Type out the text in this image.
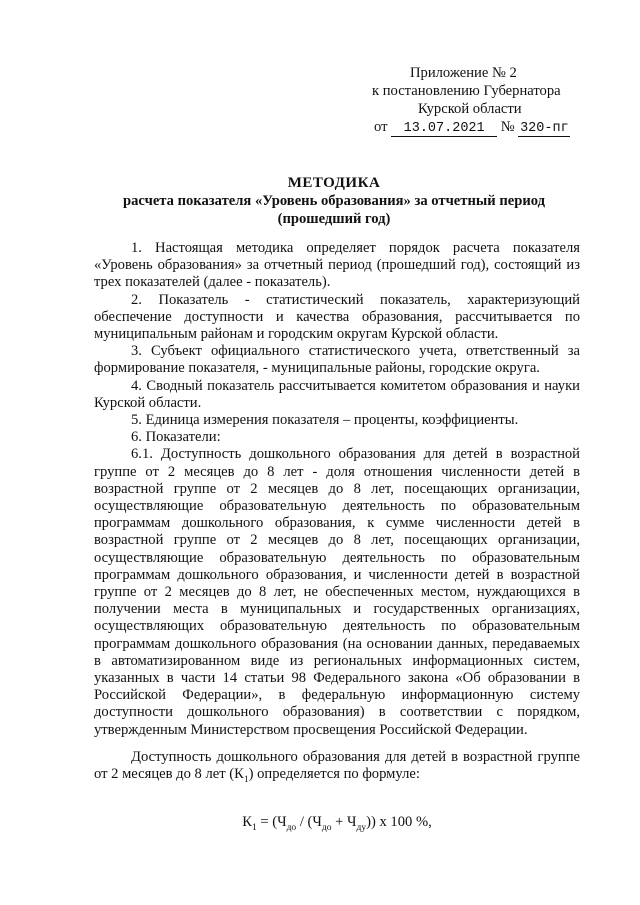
Приложение № 2
к постановлению Губернатора
Курской области
от 13.07.2021 № 320-пг
МЕТОДИКА
расчета показателя «Уровень образования» за отчетный период
(прошедший год)

1. Настоящая методика определяет порядок расчета показателя «Уровень образования» за отчетный период (прошедший год), состоящий из трех показателей (далее - показатель).

2. Показатель - статистический показатель, характеризующий обеспечение доступности и качества образования, рассчитывается по муниципальным районам и городским округам Курской области.

3. Субъект официального статистического учета, ответственный за формирование показателя, - муниципальные районы, городские округа.

4. Сводный показатель рассчитывается комитетом образования и науки Курской области.

5. Единица измерения показателя – проценты, коэффициенты.

6. Показатели:

6.1. Доступность дошкольного образования для детей в возрастной группе от 2 месяцев до 8 лет - доля отношения численности детей в возрастной группе от 2 месяцев до 8 лет, посещающих организации, осуществляющие образовательную деятельность по образовательным программам дошкольного образования, к сумме численности детей в возрастной группе от 2 месяцев до 8 лет, посещающих организации, осуществляющие образовательную деятельность по образовательным программам дошкольного образования, и численности детей в возрастной группе от 2 месяцев до 8 лет, не обеспеченных местом, нуждающихся в получении места в муниципальных и государственных организациях, осуществляющих образовательную деятельность по образовательным программам дошкольного образования (на основании данных, передаваемых в автоматизированном виде из региональных информационных систем, указанных в части 14 статьи 98 Федерального закона «Об образовании в Российской Федерации», в федеральную информационную систему доступности дошкольного образования) в соответствии с порядком, утвержденным Министерством просвещения Российской Федерации.

Доступность дошкольного образования для детей в возрастной группе от 2 месяцев до 8 лет $(К_1)$ определяется по формуле:

$К_1 = (Ч_{до} / (Ч_{до} + Ч_{ду}))$ х 100 %,
